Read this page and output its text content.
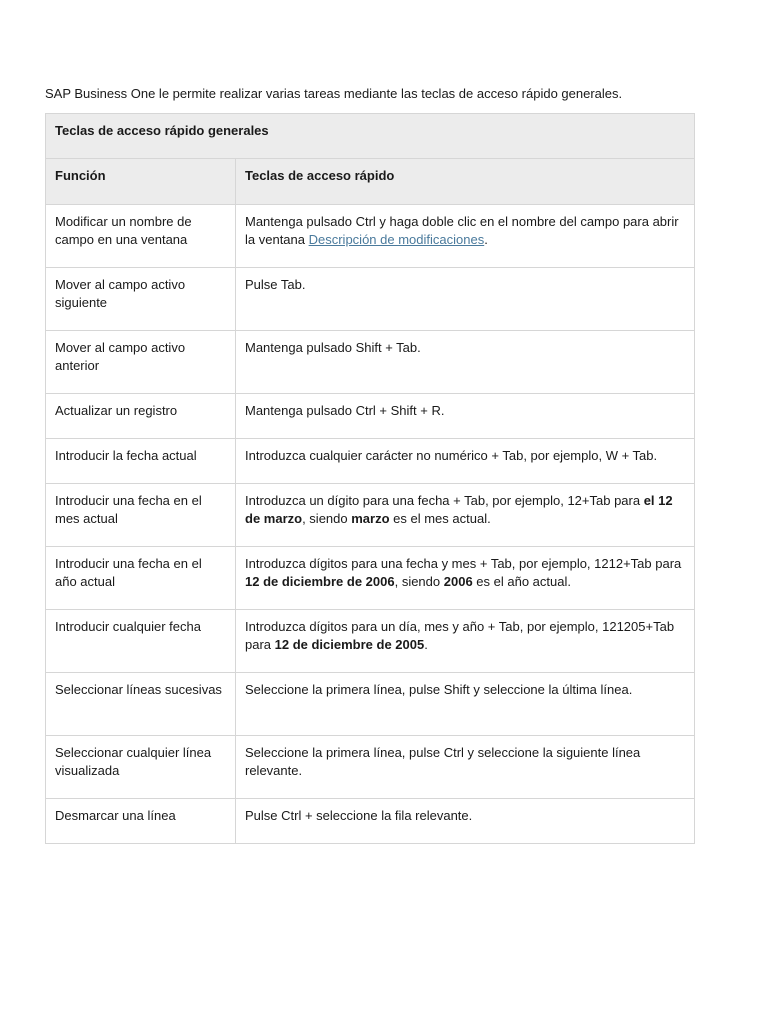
SAP Business One le permite realizar varias tareas mediante las teclas de acceso rápido generales.

Teclas de acceso rápido generales	
Función	Teclas de acceso rápido
Modificar un nombre de campo en una ventana	Mantenga pulsado Ctrl y haga doble clic en el nombre del campo para abrir la ventana Descripción de modificaciones.
Mover al campo activo siguiente	Pulse Tab.
Mover al campo activo anterior	Mantenga pulsado Shift + Tab.
Actualizar un registro	Mantenga pulsado Ctrl + Shift + R.
Introducir la fecha actual	Introduzca cualquier carácter no numérico + Tab, por ejemplo, W + Tab.
Introducir una fecha en el mes actual	Introduzca un dígito para una fecha + Tab, por ejemplo, 12+Tab para el 12 de marzo, siendo marzo es el mes actual.
Introducir una fecha en el año actual	Introduzca dígitos para una fecha y mes + Tab, por ejemplo, 1212+Tab para 12 de diciembre de 2006, siendo 2006 es el año actual.
Introducir cualquier fecha	Introduzca dígitos para un día, mes y año + Tab, por ejemplo, 121205+Tab para 12 de diciembre de 2005.
Seleccionar líneas sucesivas	Seleccione la primera línea, pulse Shift y seleccione la última línea.
Seleccionar cualquier línea visualizada	Seleccione la primera línea, pulse Ctrl y seleccione la siguiente línea relevante.
Desmarcar una línea	Pulse Ctrl + seleccione la fila relevante.
